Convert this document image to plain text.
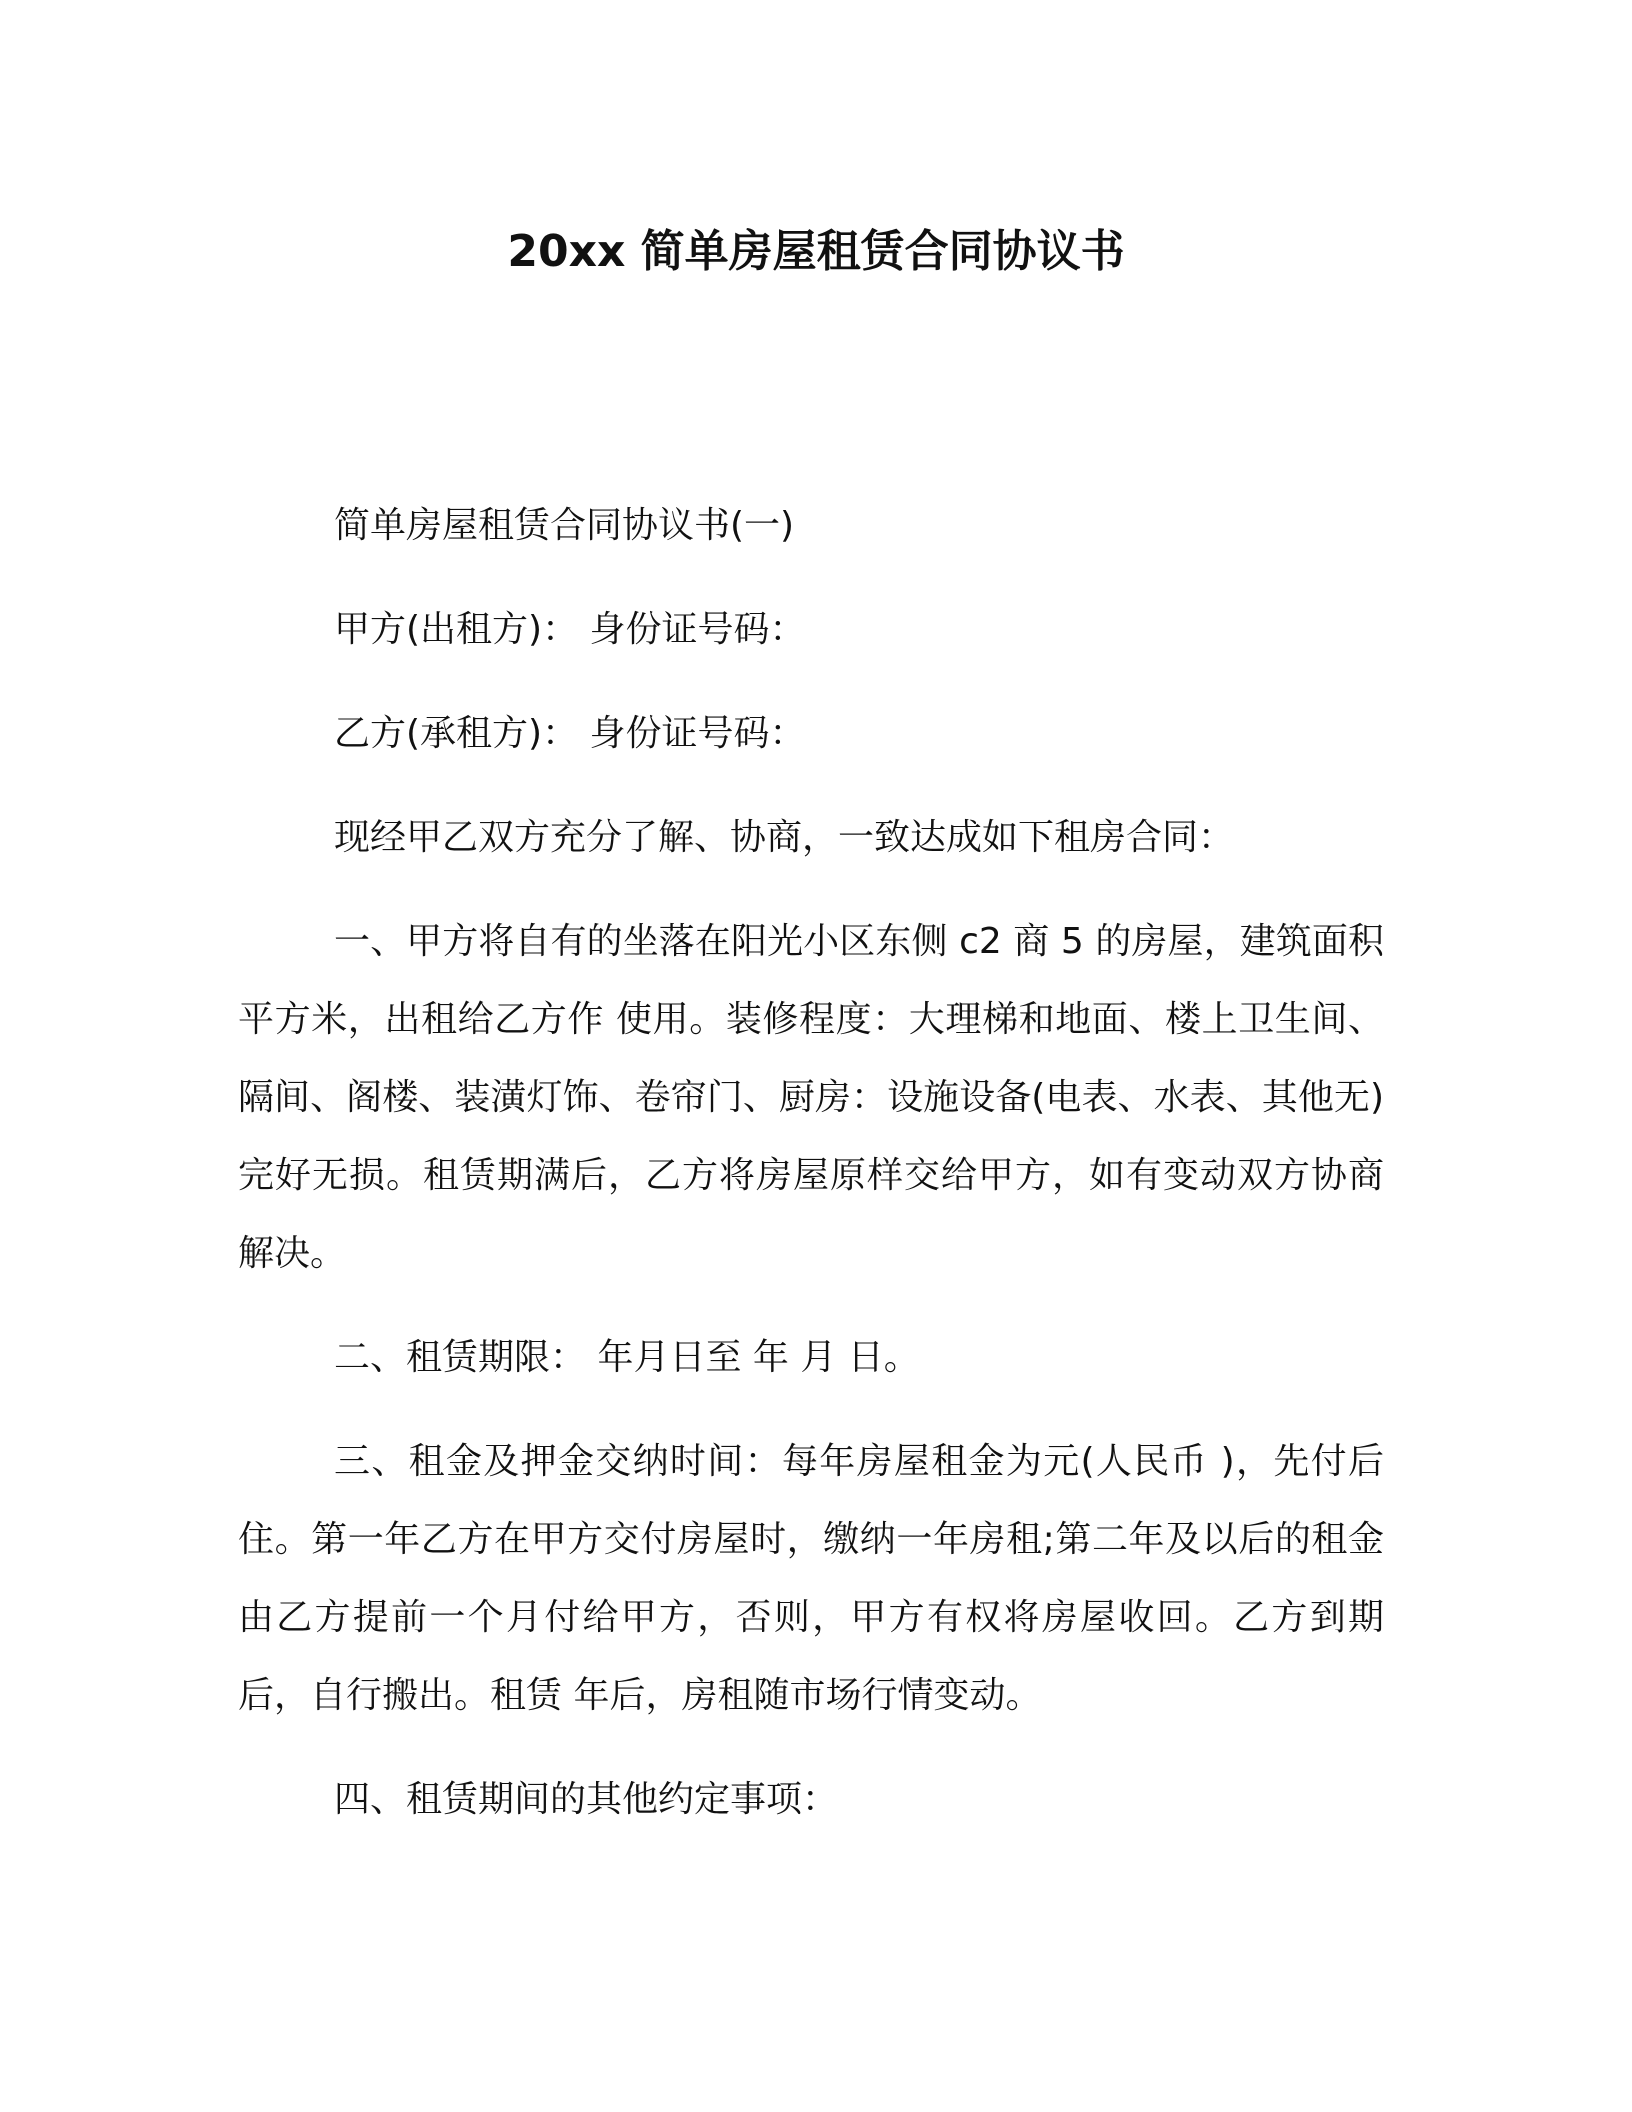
20xx 简单房屋租赁合同协议书

简单房屋租赁合同协议书(一)

甲方(出租方)： 身份证号码：

乙方(承租方)： 身份证号码：

现经甲乙双方充分了解、协商，一致达成如下租房合同：

一、甲方将自有的坐落在阳光小区东侧 c2 商 5 的房屋，建筑面积 平方米，出租给乙方作 使用。装修程度：大理梯和地面、楼上卫生间、隔间、阁楼、装潢灯饰、卷帘门、厨房：设施设备(电表、水表、其他无)完好无损。租赁期满后，乙方将房屋原样交给甲方，如有变动双方协商解决。

二、租赁期限： 年月日至 年 月 日。

三、租金及押金交纳时间：每年房屋租金为元(人民币 )，先付后住。第一年乙方在甲方交付房屋时，缴纳一年房租;第二年及以后的租金由乙方提前一个月付给甲方，否则，甲方有权将房屋收回。乙方到期后，自行搬出。租赁 年后，房租随市场行情变动。

四、租赁期间的其他约定事项：
